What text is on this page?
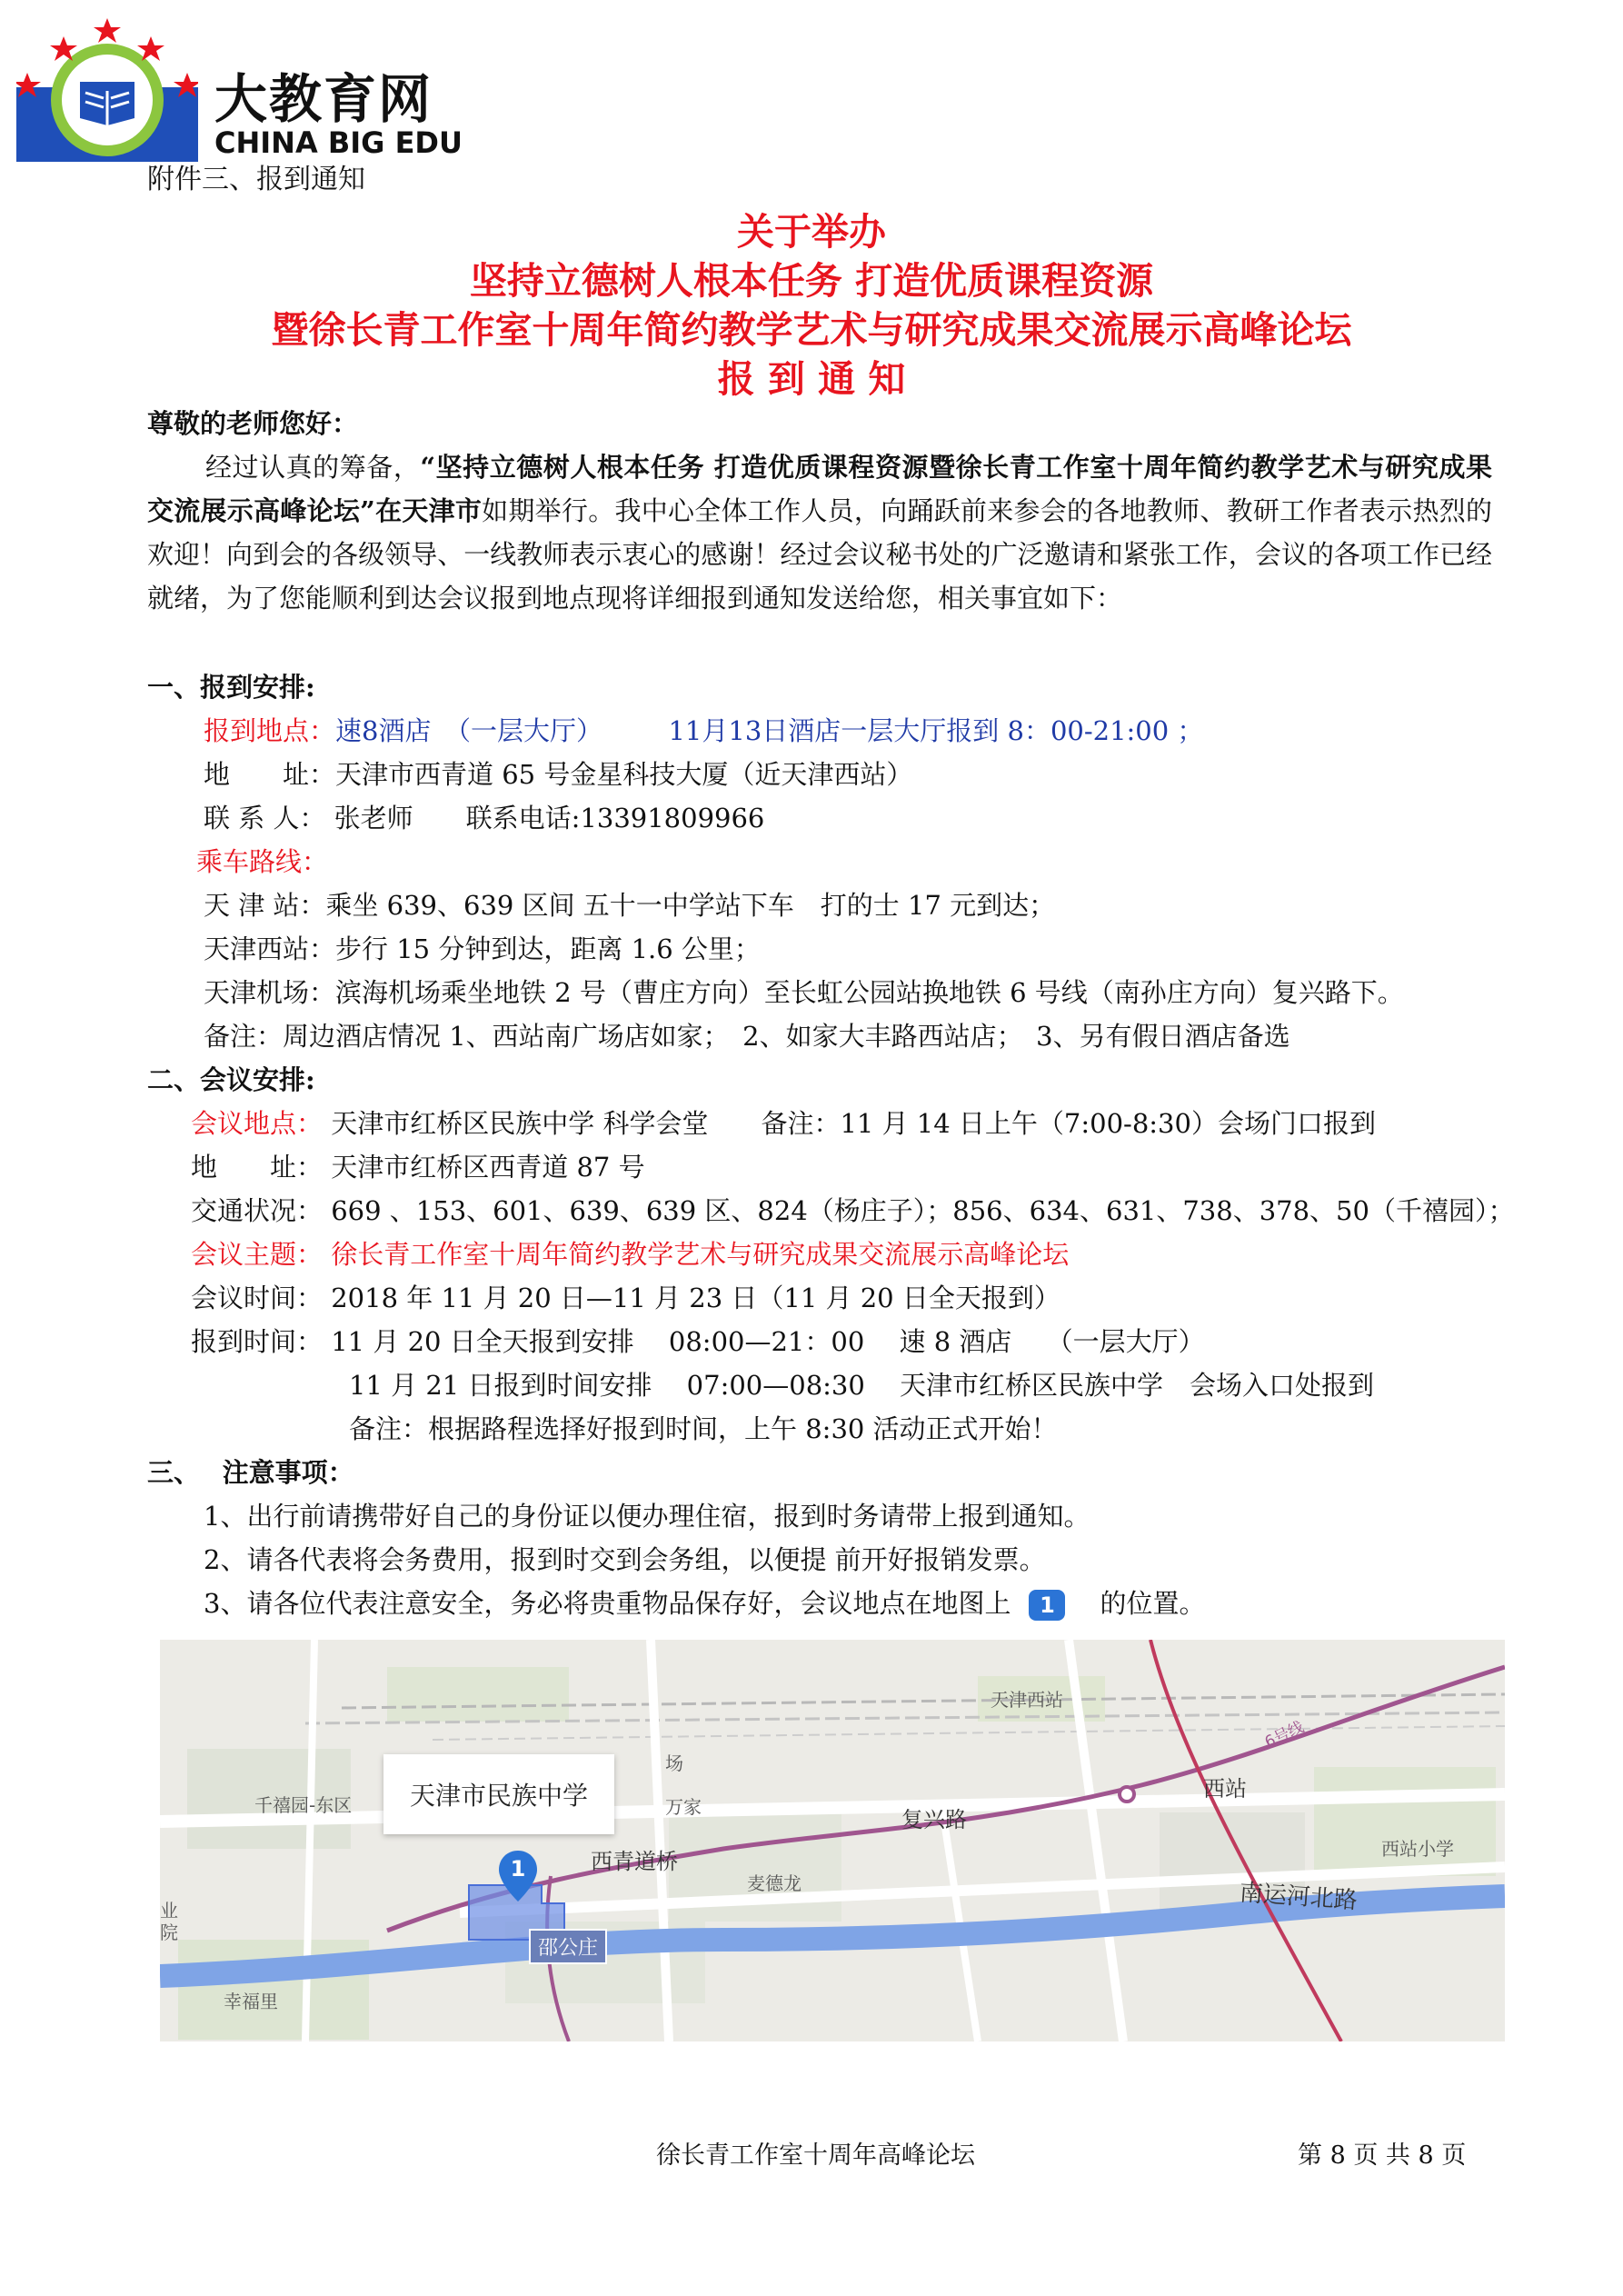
大教育网
CHINA BIG EDU
附件三、报到通知
关于举办
坚持立德树人根本任务 打造优质课程资源
暨徐长青工作室十周年简约教学艺术与研究成果交流展示高峰论坛
报 到 通 知
尊敬的老师您好：
经过认真的筹备，“坚持立德树人根本任务 打造优质课程资源暨徐长青工作室十周年简约教学艺术与研究成果交流展示高峰论坛”在天津市如期举行。我中心全体工作人员，向踊跃前来参会的各地教师、教研工作者表示热烈的欢迎！向到会的各级领导、一线教师表示衷心的感谢！经过会议秘书处的广泛邀请和紧张工作，会议的各项工作已经就绪，为了您能顺利到达会议报到地点现将详细报到通知发送给您，相关事宜如下：
一、报到安排:
报到地点：速8酒店　（一层大厅）　　　11月13日酒店一层大厅报到 8：00-21:00 ；
地　　址：天津市西青道 65 号金星科技大厦（近天津西站）
联 系 人： 张老师　　联系电话:13391809966
乘车路线：
天 津 站：乘坐 639、639 区间 五十一中学站下车　打的士 17 元到达；
天津西站：步行 15 分钟到达，距离 1.6 公里；
天津机场：滨海机场乘坐地铁 2 号（曹庄方向）至长虹公园站换地铁 6 号线（南孙庄方向）复兴路下。
备注：周边酒店情况 1、西站南广场店如家；　2、如家大丰路西站店；　3、另有假日酒店备选
二、会议安排:
会议地点： 天津市红桥区民族中学 科学会堂　　备注：11 月 14 日上午（7:00-8:30）会场门口报到
地　　址： 天津市红桥区西青道 87 号
交通状况： 669 、153、601、639、639 区、824（杨庄子）；856、634、631、738、378、50（千禧园）；
会议主题： 徐长青工作室十周年简约教学艺术与研究成果交流展示高峰论坛
会议时间： 2018 年 11 月 20 日—11 月 23 日（11 月 20 日全天报到）
报到时间： 11 月 20 日全天报到安排　 08:00—21：00　 速 8 酒店　 （一层大厅）
11 月 21 日报到时间安排　 07:00—08:30　 天津市红桥区民族中学　会场入口处报到
备注：根据路程选择好报到时间，上午 8:30 活动正式开始！
三、　 注意事项：
1、出行前请携带好自己的身份证以便办理住宿，报到时务请带上报到通知。
2、请各代表将会务费用，报到时交到会务组，以便提 前开好报销发票。
3、请各位代表注意安全，务必将贵重物品保存好，会议地点在地图上 1 的位置。
天津市民族中学
1
邵公庄
天津西站
西站
6号线
复兴路
西青道桥
麦德龙	南运河北路
西站小学
千禧园-东区
幸福里
场
万家
业
院
徐长青工作室十周年高峰论坛	第 8 页 共 8 页
